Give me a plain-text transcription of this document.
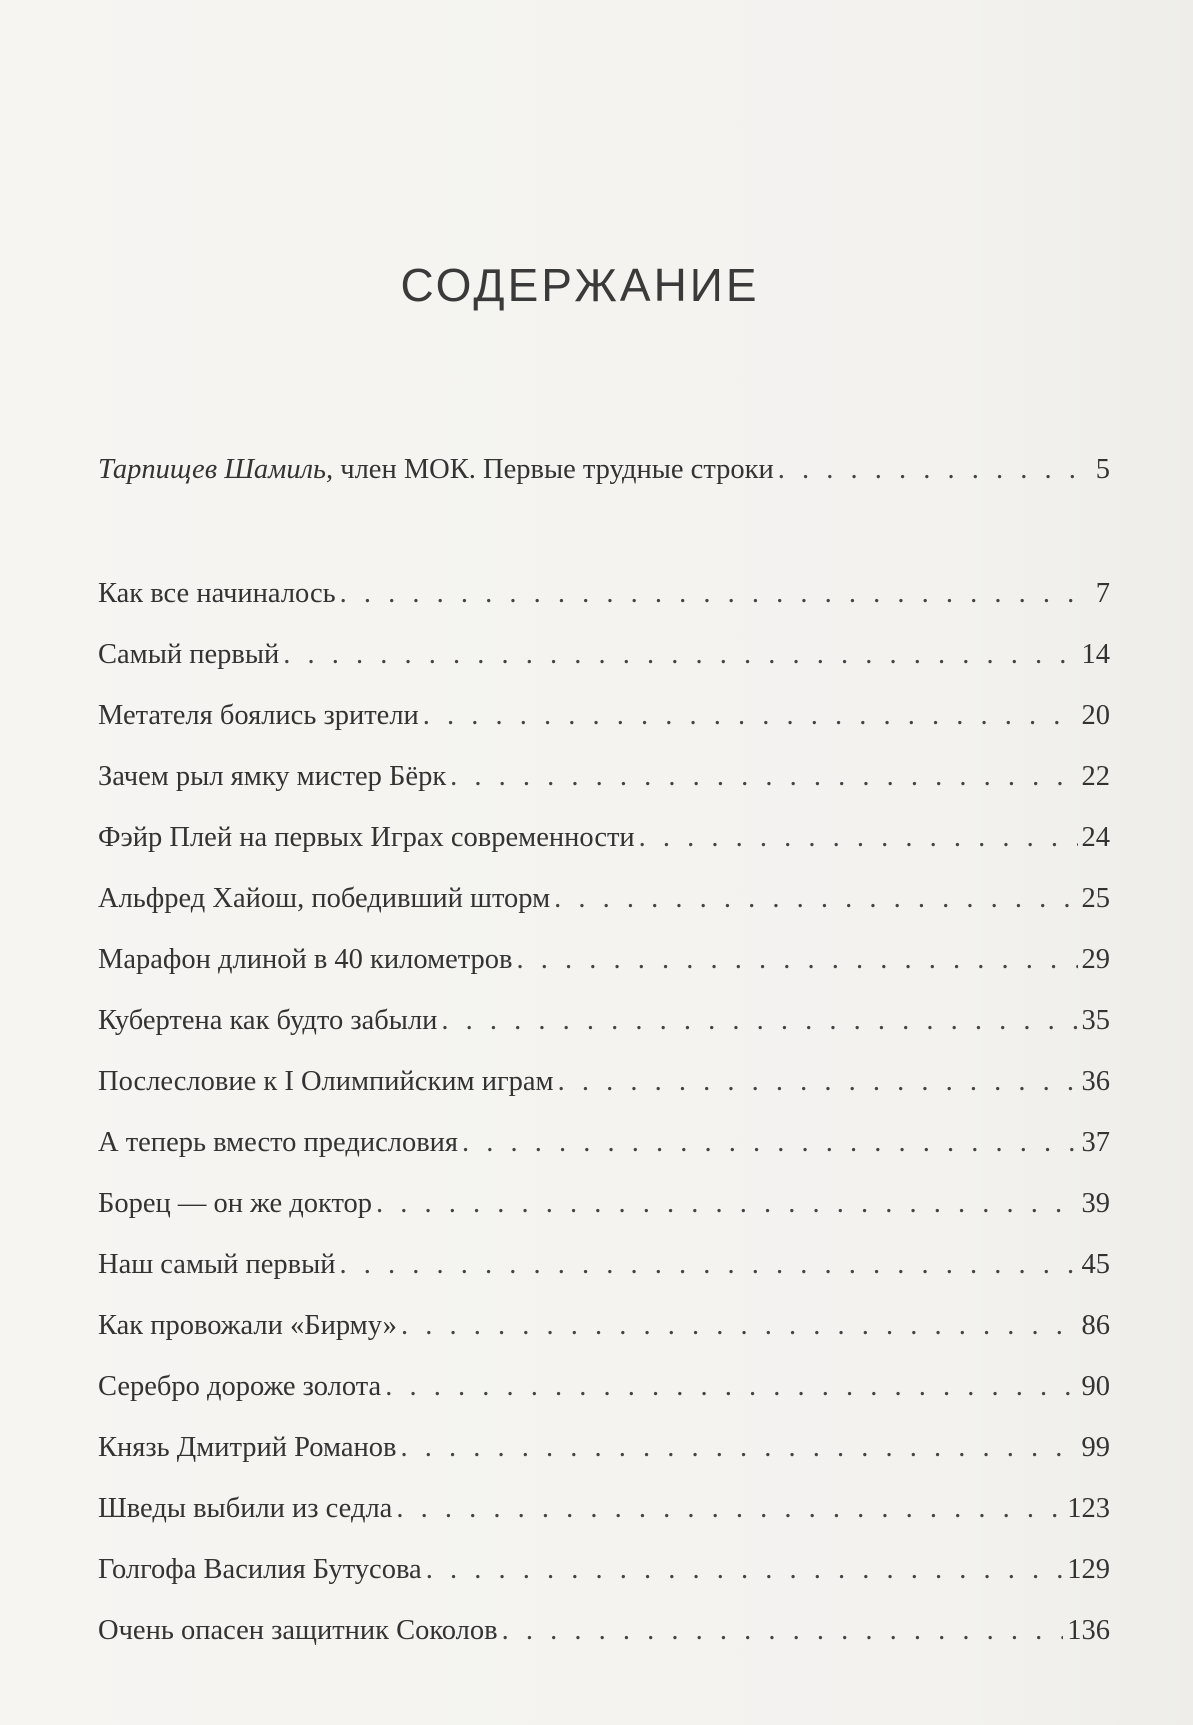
СОДЕРЖАНИЕ
Тарпищев Шамиль, член МОК. Первые трудные строки . . .	5
Как все начиналось . . .	7
Самый первый . . .	14
Метателя боялись зрители . . .	20
Зачем рыл ямку мистер Бёрк . . .	22
Фэйр Плей на первых Играх современности . . .	24
Альфред Хайош, победивший шторм . . .	25
Марафон длиной в 40 километров . . .	29
Кубертена как будто забыли . . .	35
Послесловие к I Олимпийским играм . . .	36
А теперь вместо предисловия . . .	37
Борец — он же доктор . . .	39
Наш самый первый . . .	45
Как провожали «Бирму» . . .	86
Серебро дороже золота . . .	90
Князь Дмитрий Романов . . .	99
Шведы выбили из седла . . .	123
Голгофа Василия Бутусова . . .	129
Очень опасен защитник Соколов . . .	136
